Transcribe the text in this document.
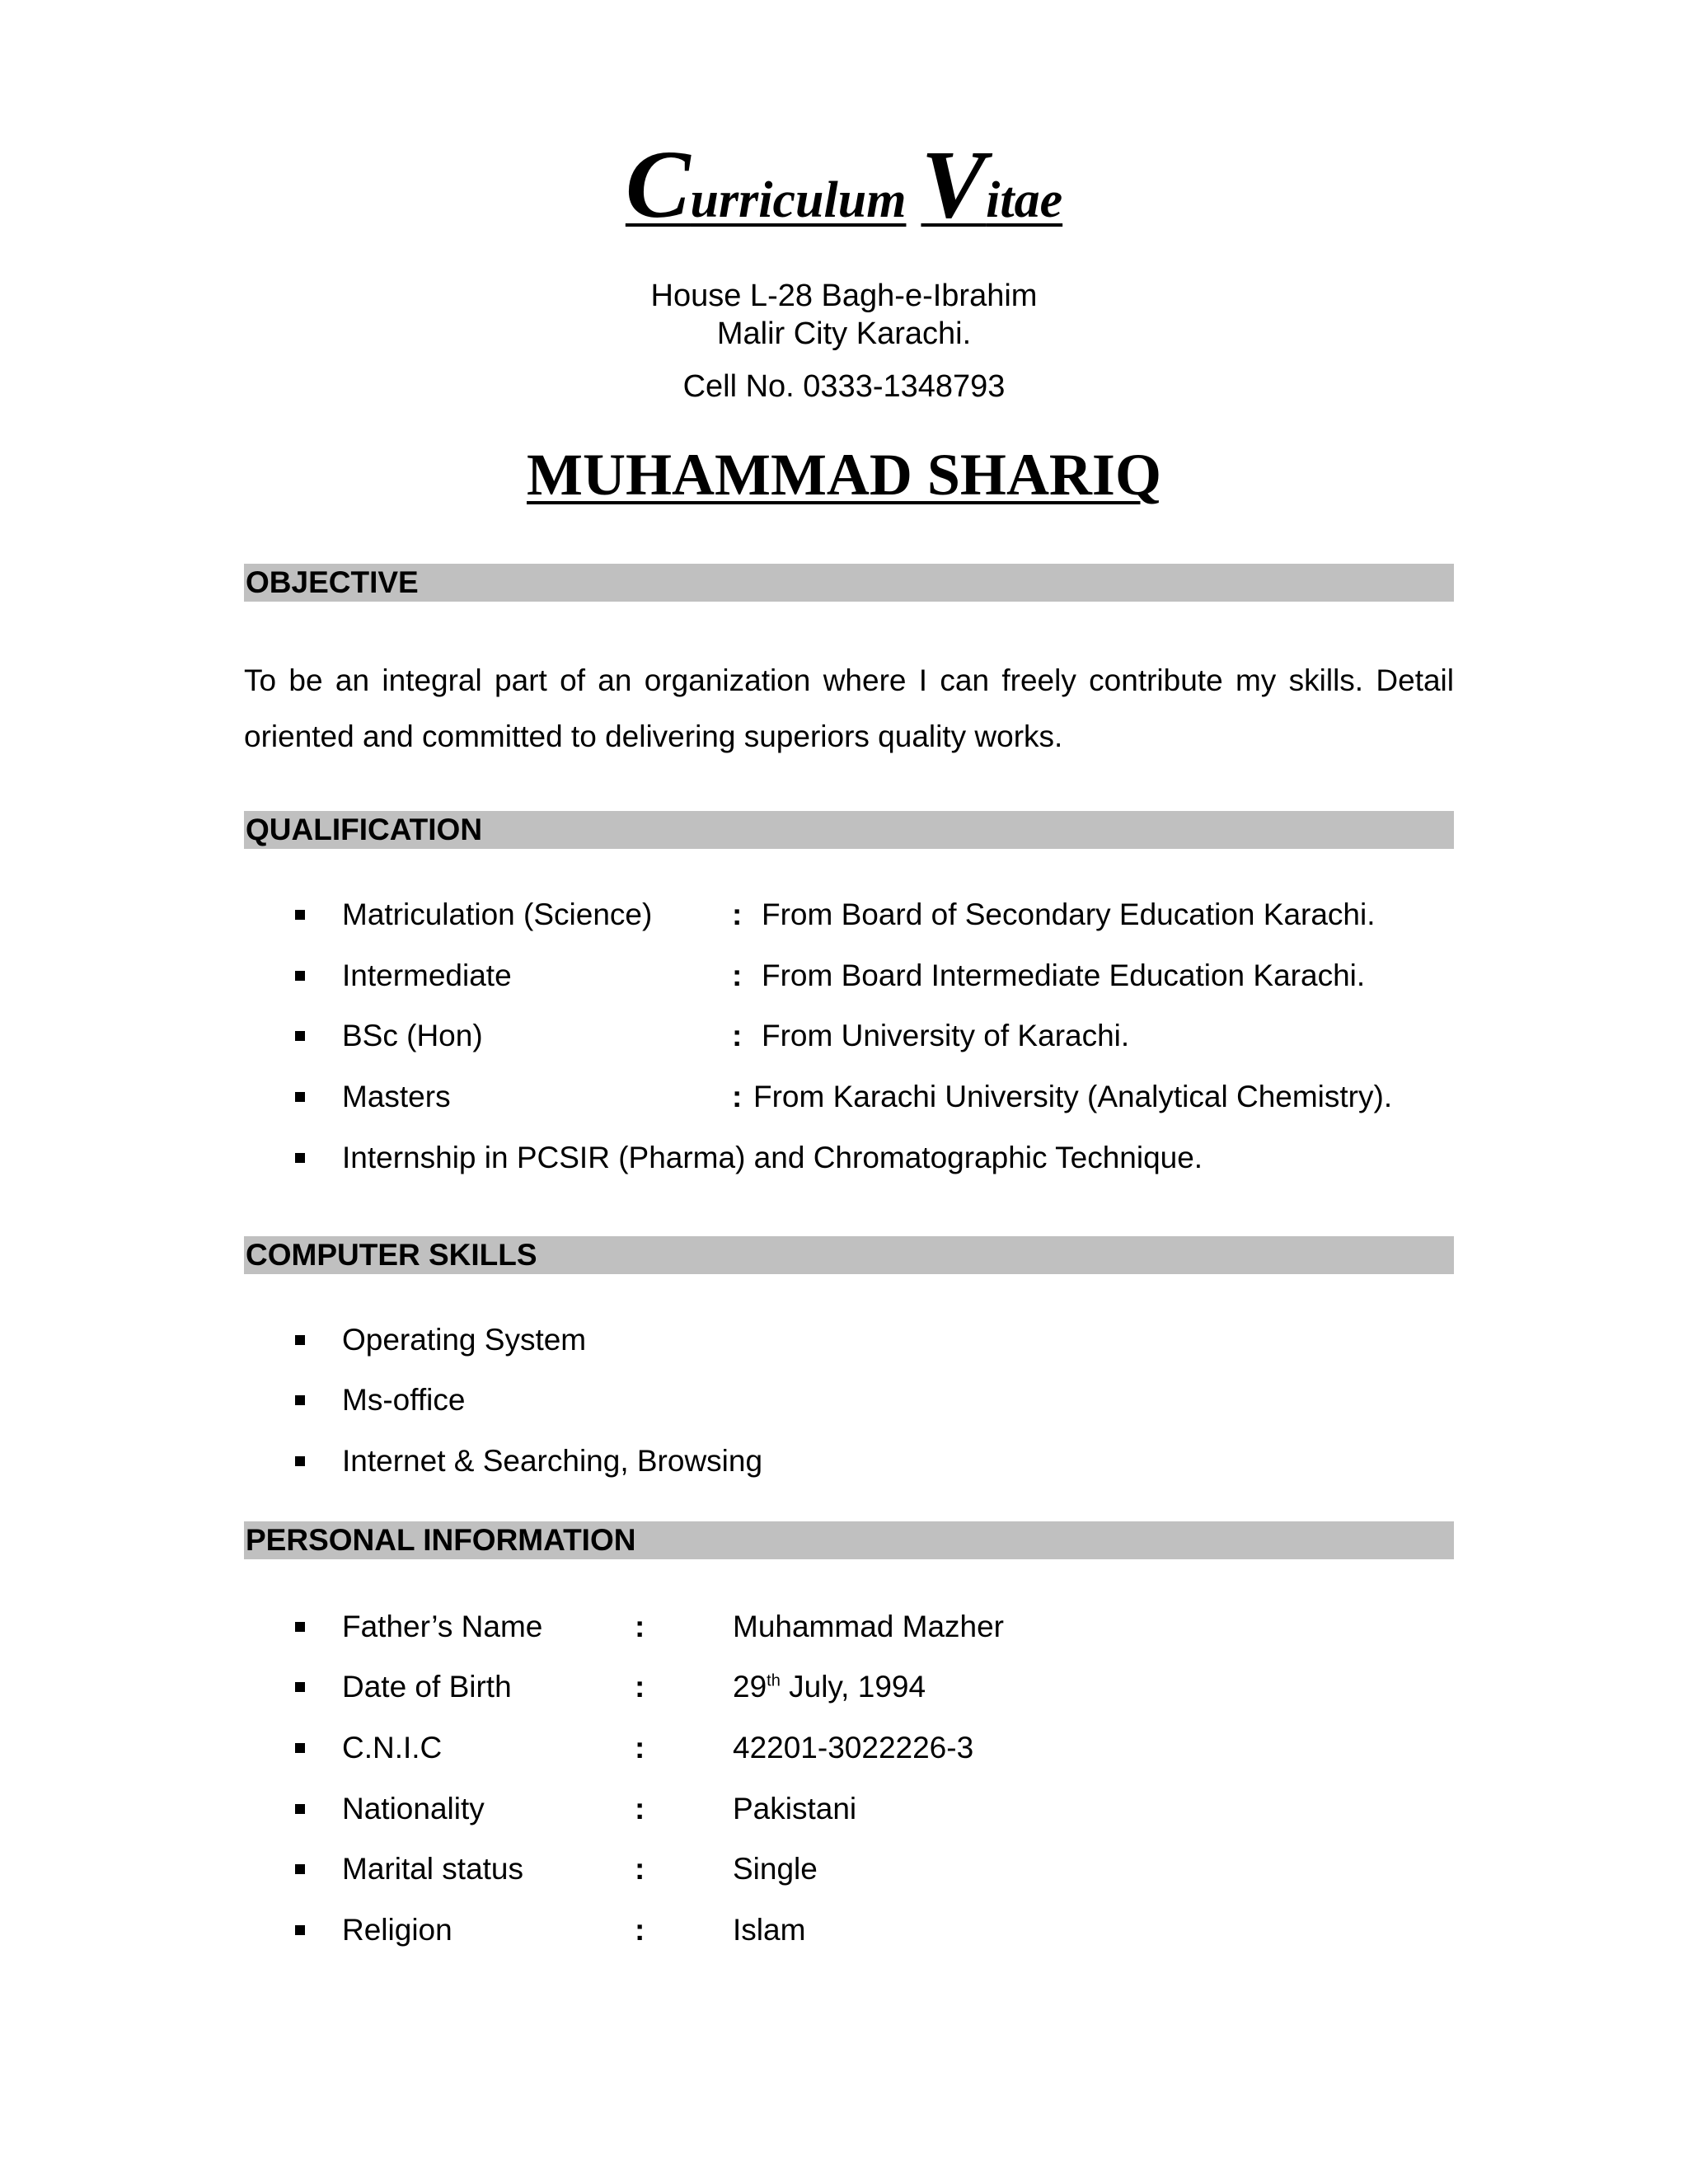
Curriculum Vitae
House L-28 Bagh-e-Ibrahim
Malir City Karachi.
Cell No. 0333-1348793
MUHAMMAD SHARIQ
OBJECTIVE
To be an integral part of an organization where I can freely contribute my skills. Detail oriented and committed to delivering superiors quality works.
QUALIFICATION
Matriculation (Science)	: From Board of Secondary Education Karachi.
Intermediate	: From Board Intermediate Education Karachi.
BSc (Hon)	: From University of Karachi.
Masters	: From Karachi University (Analytical Chemistry).
Internship in PCSIR (Pharma) and Chromatographic Technique.
COMPUTER SKILLS
Operating System
Ms-office
Internet & Searching, Browsing
PERSONAL INFORMATION
Father’s Name	:	Muhammad Mazher
Date of Birth	:	29th July, 1994
C.N.I.C	:	42201-3022226-3
Nationality	:	Pakistani
Marital status	:	Single
Religion	:	Islam
